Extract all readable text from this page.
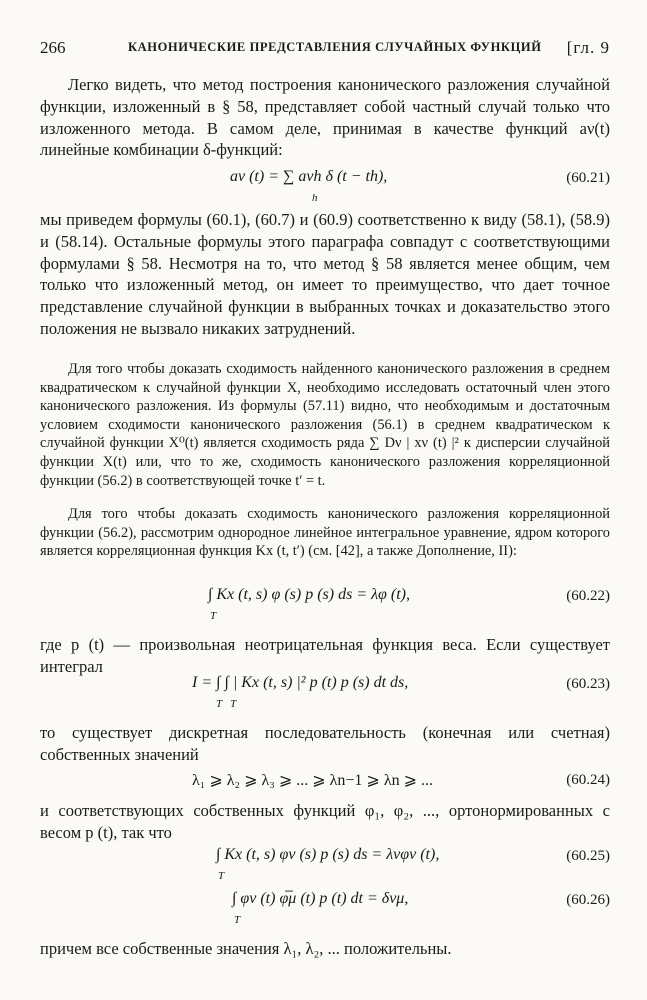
266	КАНОНИЧЕСКИЕ ПРЕДСТАВЛЕНИЯ СЛУЧАЙНЫХ ФУНКЦИЙ [гл. 9

Легко видеть, что метод построения канонического разложения случайной функции, изложенный в § 58, представляет собой частный случай только что изложенного метода. В самом деле, принимая в качестве функций aν(t) линейные комбинации δ-функций:

aν (t) = ∑ aνh δ (t − th),
h
(60.21)

мы приведем формулы (60.1), (60.7) и (60.9) соответственно к виду (58.1), (58.9) и (58.14). Остальные формулы этого параграфа совпадут с соответствующими формулами § 58. Несмотря на то, что метод § 58 является менее общим, чем только что изложенный метод, он имеет то преимущество, что дает точное представление случайной функции в выбранных точках и доказательство этого положения не вызвало никаких затруднений.

Для того чтобы доказать сходимость найденного канонического разложения в среднем квадратическом к случайной функции X, необходимо исследовать остаточный член этого канонического разложения. Из формулы (57.11) видно, что необходимым и достаточным условием сходимости канонического разложения (56.1) в среднем квадратическом к случайной функции X⁰(t) является сходимость ряда ∑ Dν | xν (t) |² к дисперсии случайной функции X(t) или, что то же, сходимость канонического разложения корреляционной функции (56.2) в соответствующей точке t′ = t.

Для того чтобы доказать сходимость канонического разложения корреляционной функции (56.2), рассмотрим однородное линейное интегральное уравнение, ядром которого является корреляционная функция Kx (t, t′) (см. [42], а также Дополнение, II):

∫ Kx (t, s) φ (s) p (s) ds = λφ (t),
T
(60.22)

где p (t) — произвольная неотрицательная функция веса. Если существует интеграл

I = ∫ ∫ | Kx (t, s) |² p (t) p (s) dt ds,
T   T
(60.23)

то существует дискретная последовательность (конечная или счетная) собственных значений

λ₁ ⩾ λ₂ ⩾ λ₃ ⩾ ... ⩾ λn−1 ⩾ λn ⩾ ...	(60.24)

и соответствующих собственных функций φ₁, φ₂, ..., ортонормированных с весом p (t), так что

∫ Kx (t, s) φν (s) p (s) ds = λνφν (t),
T
(60.25)
∫ φν (t) φ̅μ (t) p (t) dt = δνμ,
T
(60.26)

причем все собственные значения λ₁, λ₂, ... положительны.
